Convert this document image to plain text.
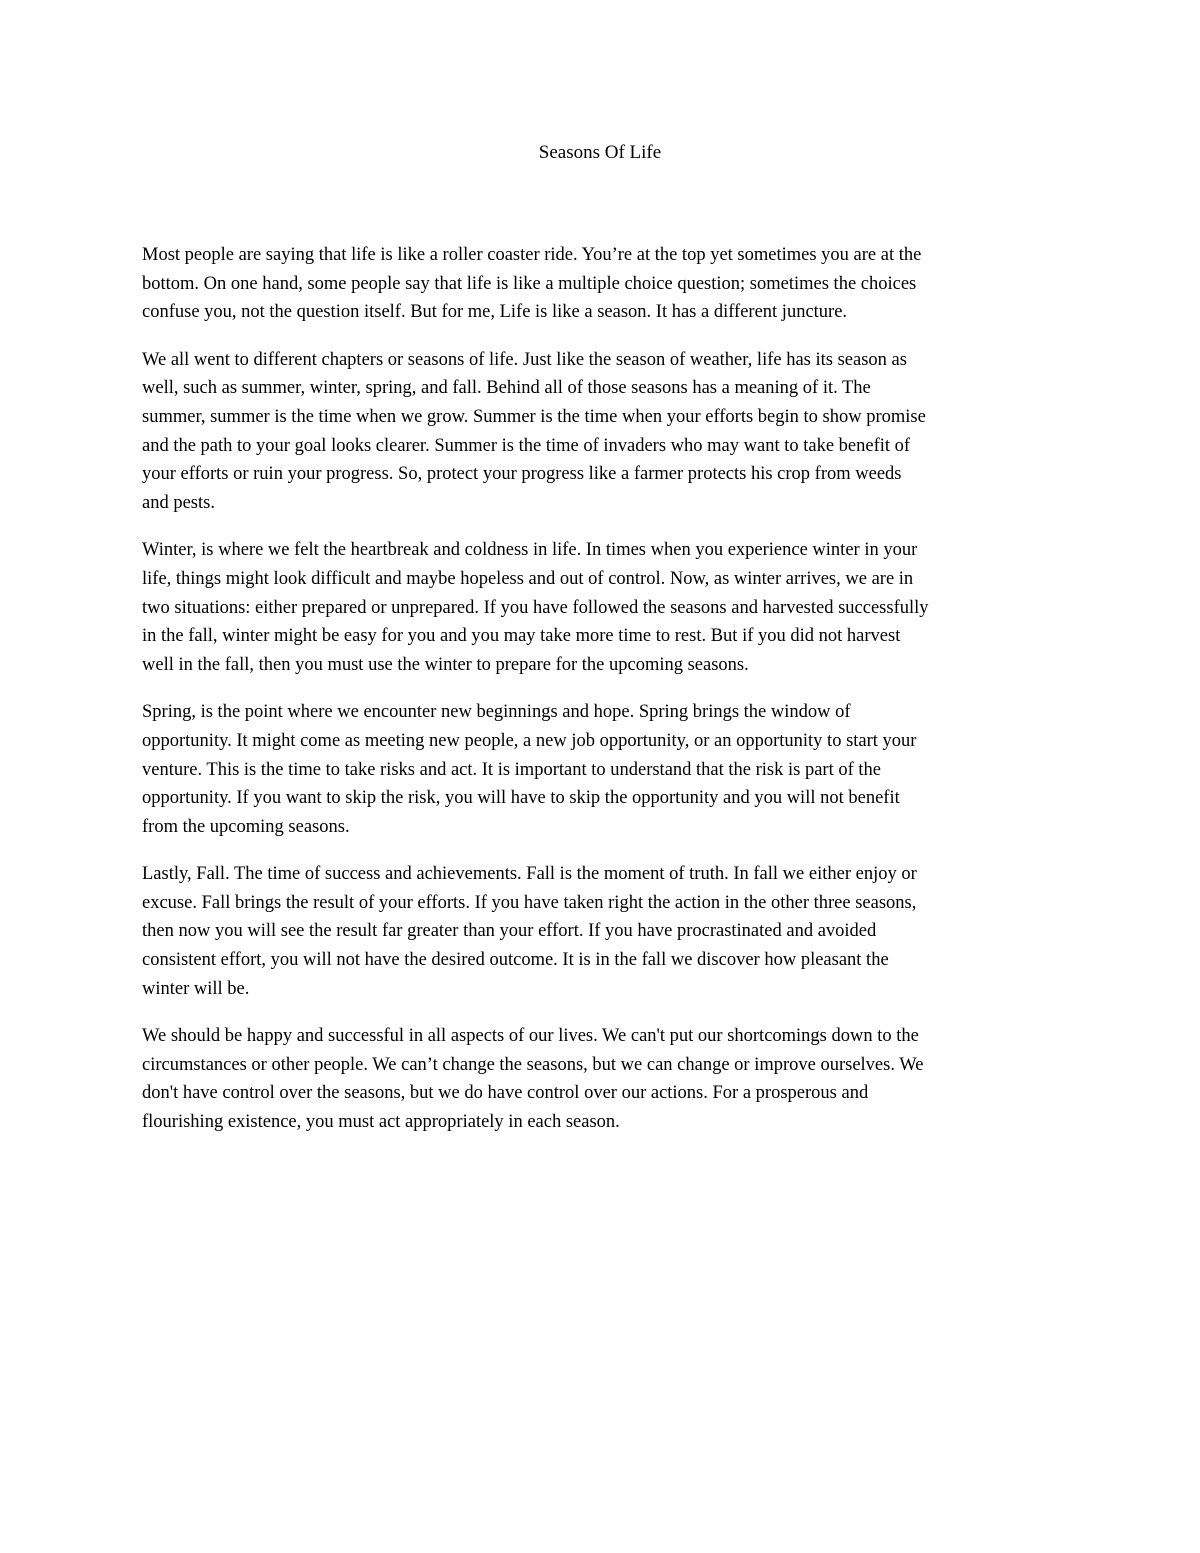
Seasons Of Life

Most people are saying that life is like a roller coaster ride. You’re at the top yet sometimes you are at the
bottom. On one hand, some people say that life is like a multiple choice question; sometimes the choices
confuse you, not the question itself. But for me, Life is like a season. It has a different juncture.

We all went to different chapters or seasons of life. Just like the season of weather, life has its season as
well, such as summer, winter, spring, and fall. Behind all of those seasons has a meaning of it. The
summer, summer is the time when we grow. Summer is the time when your efforts begin to show promise
and the path to your goal looks clearer. Summer is the time of invaders who may want to take benefit of
your efforts or ruin your progress. So, protect your progress like a farmer protects his crop from weeds
and pests.

Winter, is where we felt the heartbreak and coldness in life. In times when you experience winter in your
life, things might look difficult and maybe hopeless and out of control. Now, as winter arrives, we are in
two situations: either prepared or unprepared. If you have followed the seasons and harvested successfully
in the fall, winter might be easy for you and you may take more time to rest. But if you did not harvest
well in the fall, then you must use the winter to prepare for the upcoming seasons.

Spring, is the point where we encounter new beginnings and hope. Spring brings the window of
opportunity. It might come as meeting new people, a new job opportunity, or an opportunity to start your
venture. This is the time to take risks and act. It is important to understand that the risk is part of the
opportunity. If you want to skip the risk, you will have to skip the opportunity and you will not benefit
from the upcoming seasons.

Lastly, Fall. The time of success and achievements. Fall is the moment of truth. In fall we either enjoy or
excuse. Fall brings the result of your efforts. If you have taken right the action in the other three seasons,
then now you will see the result far greater than your effort. If you have procrastinated and avoided
consistent effort, you will not have the desired outcome. It is in the fall we discover how pleasant the
winter will be.

We should be happy and successful in all aspects of our lives. We can't put our shortcomings down to the
circumstances or other people. We can’t change the seasons, but we can change or improve ourselves. We
don't have control over the seasons, but we do have control over our actions. For a prosperous and
flourishing existence, you must act appropriately in each season.
